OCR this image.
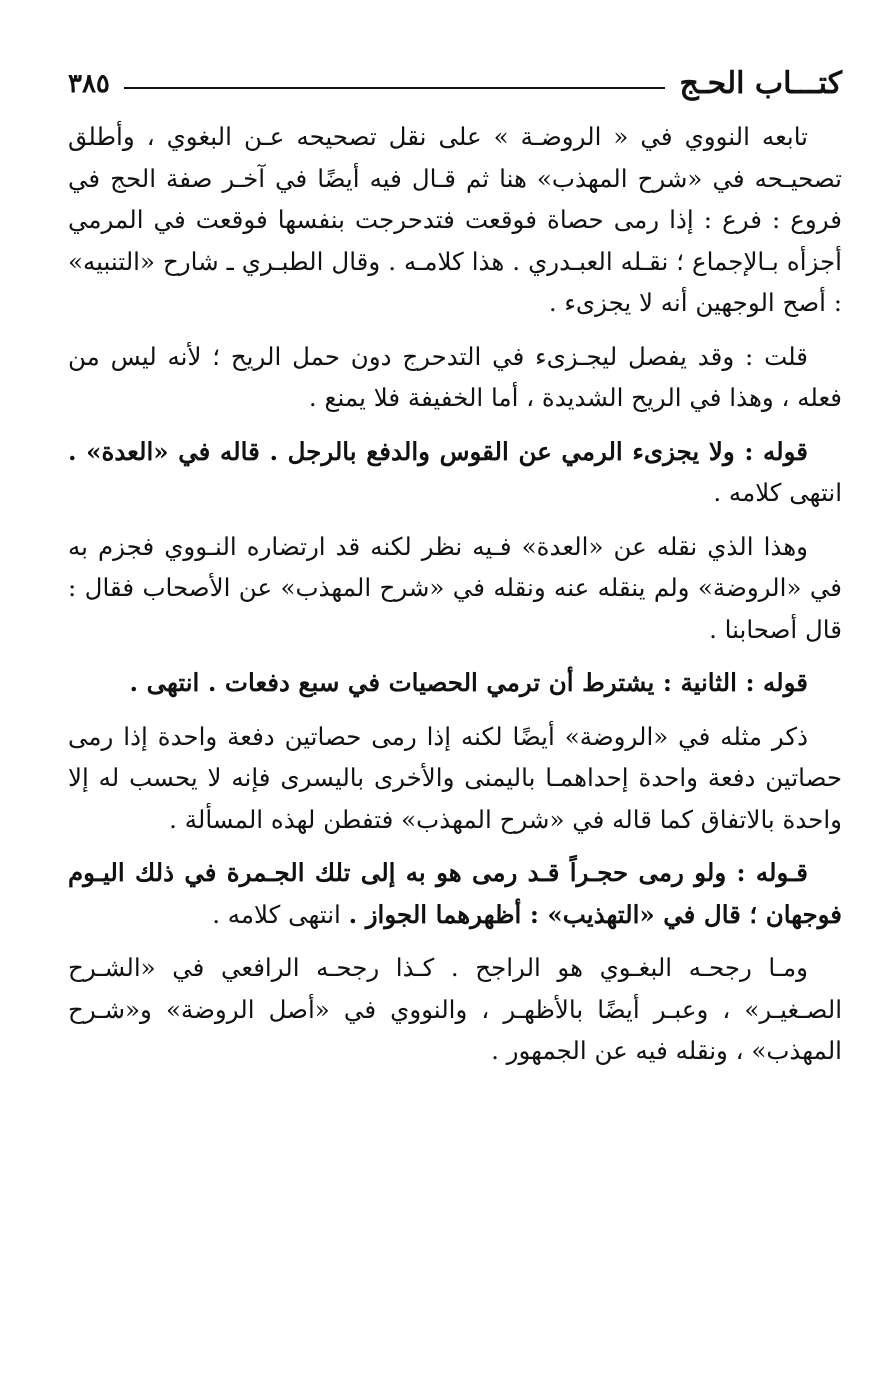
كتـــاب الحـج
٣٨٥

تابعه النووي في « الروضـة » على نقل تصحيحه عـن البغوي ، وأطلق تصحيـحه في «شرح المهذب» هنا ثم قـال فيه أيضًا في آخـر صفة الحج في فروع : فرع : إذا رمى حصاة فوقعت فتدحرجت بنفسها فوقعت في المرمي أجزأه بـالإجماع ؛ نقـله العبـدري . هذا كلامـه . وقال الطبـري ـ شارح «التنبيه» : أصح الوجهين أنه لا يجزىء .

قلت : وقد يفصل ليجـزىء في التدحرج دون حمل الريح ؛ لأنه ليس من فعله ، وهذا في الريح الشديدة ، أما الخفيفة فلا يمنع .

قوله : ولا يجزىء الرمي عن القوس والدفع بالرجل . قاله في «العدة» . انتهى كلامه .

وهذا الذي نقله عن «العدة» فـيه نظر لكنه قد ارتضاره النـووي فجزم به في «الروضة» ولم ينقله عنه ونقله في «شرح المهذب» عن الأصحاب فقال : قال أصحابنا .

قوله : الثانية : يشترط أن ترمي الحصيات في سبع دفعات . انتهى .

ذكر مثله في «الروضة» أيضًا لكنه إذا رمى حصاتين دفعة واحدة إذا رمى حصاتين دفعة واحدة إحداهمـا باليمنى والأخرى باليسرى فإنه لا يحسب له إلا واحدة بالاتفاق كما قاله في «شرح المهذب» فتفطن لهذه المسألة .

قـوله : ولو رمى حجـراً قـد رمى هو به إلى تلك الجـمرة في ذلك اليـوم فوجهان ؛ قال في «التهذيب» : أظهرهما الجواز . انتهى كلامه .

ومـا رجحـه البغـوي هو الراجح . كـذا رجحـه الرافعي في «الشـرح الصـغيـر» ، وعبـر أيضًا بالأظهـر ، والنووي في «أصل الروضة» و«شـرح المهذب» ، ونقله فيه عن الجمهور .
